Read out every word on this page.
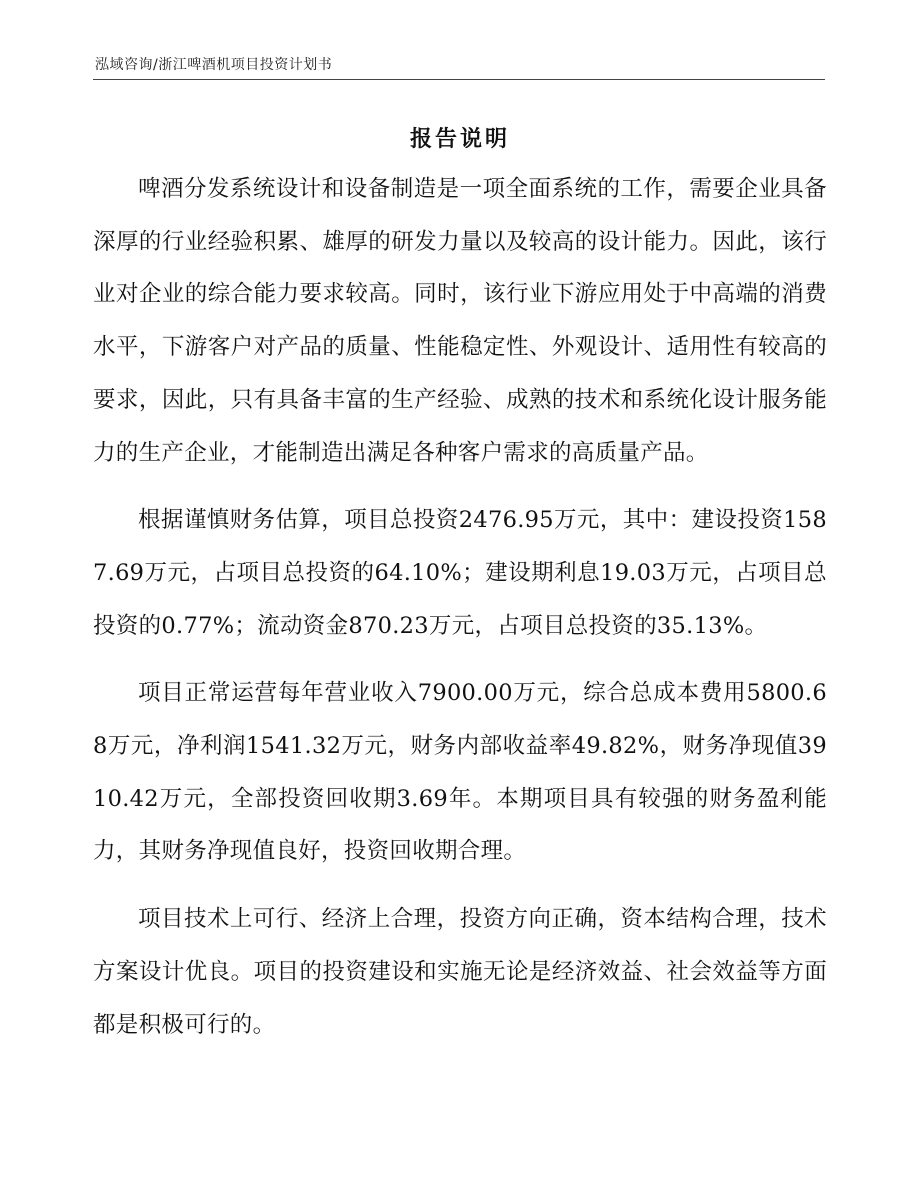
泓域咨询/浙江啤酒机项目投资计划书
报告说明

啤酒分发系统设计和设备制造是一项全面系统的工作，需要企业具备深厚的行业经验积累、雄厚的研发力量以及较高的设计能力。因此，该行业对企业的综合能力要求较高。同时，该行业下游应用处于中高端的消费水平，下游客户对产品的质量、性能稳定性、外观设计、适用性有较高的要求，因此，只有具备丰富的生产经验、成熟的技术和系统化设计服务能力的生产企业，才能制造出满足各种客户需求的高质量产品。

根据谨慎财务估算，项目总投资2476.95万元，其中：建设投资1587.69万元，占项目总投资的64.10%；建设期利息19.03万元，占项目总投资的0.77%；流动资金870.23万元，占项目总投资的35.13%。

项目正常运营每年营业收入7900.00万元，综合总成本费用5800.68万元，净利润1541.32万元，财务内部收益率49.82%，财务净现值3910.42万元，全部投资回收期3.69年。本期项目具有较强的财务盈利能力，其财务净现值良好，投资回收期合理。

项目技术上可行、经济上合理，投资方向正确，资本结构合理，技术方案设计优良。项目的投资建设和实施无论是经济效益、社会效益等方面都是积极可行的。
